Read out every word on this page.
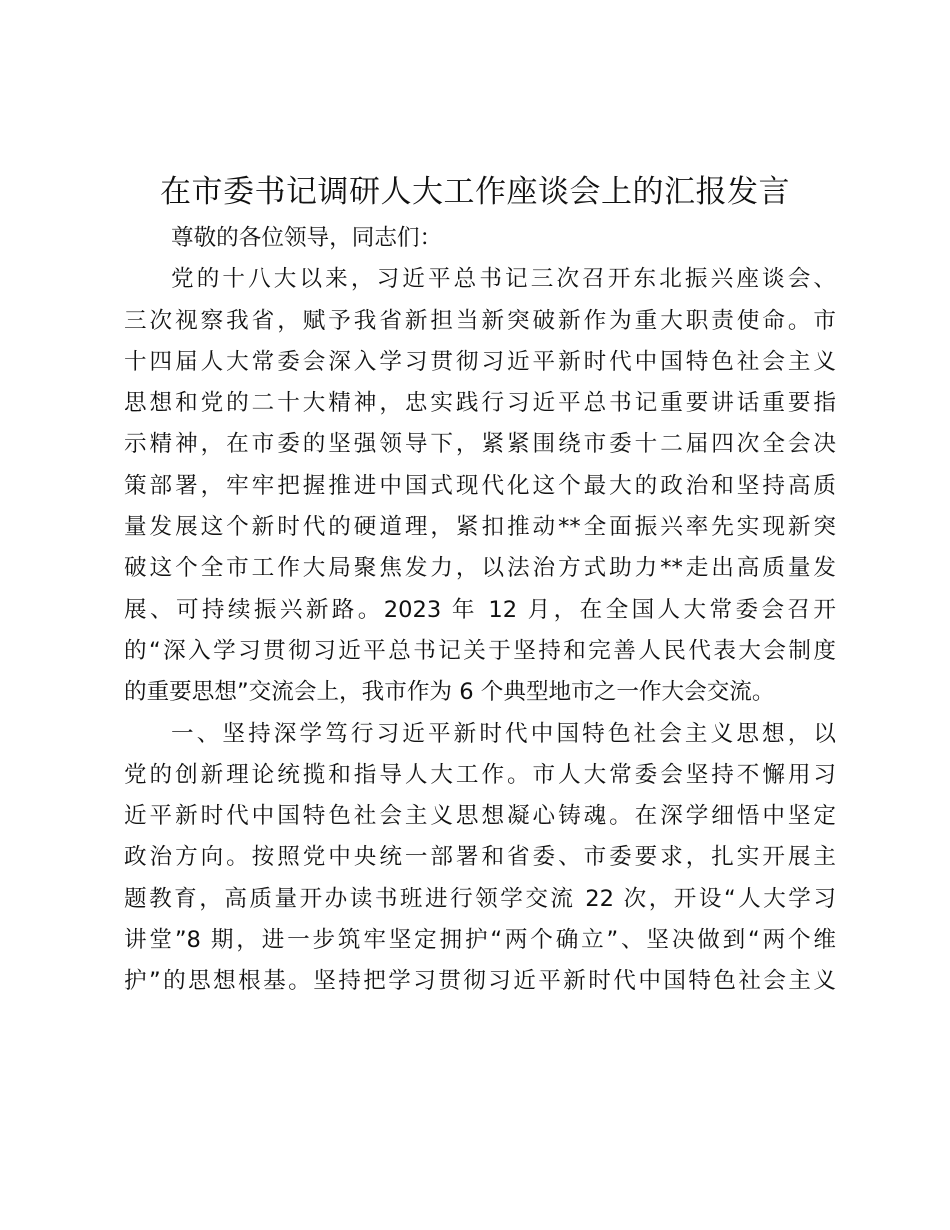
在市委书记调研人大工作座谈会上的汇报发言

尊敬的各位领导，同志们：

党的十八大以来，习近平总书记三次召开东北振兴座谈会、
三次视察我省，赋予我省新担当新突破新作为重大职责使命。市
十四届人大常委会深入学习贯彻习近平新时代中国特色社会主义
思想和党的二十大精神，忠实践行习近平总书记重要讲话重要指
示精神，在市委的坚强领导下，紧紧围绕市委十二届四次全会决
策部署，牢牢把握推进中国式现代化这个最大的政治和坚持高质
量发展这个新时代的硬道理，紧扣推动**全面振兴率先实现新突
破这个全市工作大局聚焦发力，以法治方式助力**走出高质量发
展、可持续振兴新路。2023 年 12 月，在全国人大常委会召开
的“深入学习贯彻习近平总书记关于坚持和完善人民代表大会制度
的重要思想”交流会上，我市作为 6 个典型地市之一作大会交流。

一、坚持深学笃行习近平新时代中国特色社会主义思想，以
党的创新理论统揽和指导人大工作。市人大常委会坚持不懈用习
近平新时代中国特色社会主义思想凝心铸魂。在深学细悟中坚定
政治方向。按照党中央统一部署和省委、市委要求，扎实开展主
题教育，高质量开办读书班进行领学交流 22 次，开设“人大学习
讲堂”8 期，进一步筑牢坚定拥护“两个确立”、坚决做到“两个维
护”的思想根基。坚持把学习贯彻习近平新时代中国特色社会主义
